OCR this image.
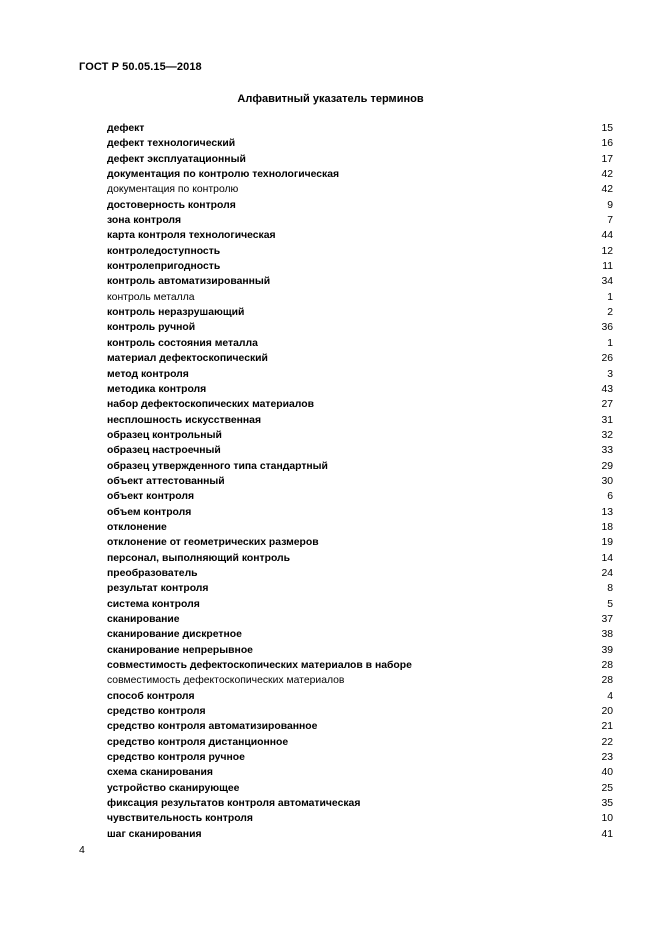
ГОСТ Р 50.05.15—2018
Алфавитный указатель терминов
дефект	15
дефект технологический	16
дефект эксплуатационный	17
документация по контролю технологическая	42
документация по контролю	42
достоверность контроля	9
зона контроля	7
карта контроля технологическая	44
контроледоступность	12
контролепригодность	11
контроль автоматизированный	34
контроль металла	1
контроль неразрушающий	2
контроль ручной	36
контроль состояния металла	1
материал дефектоскопический	26
метод контроля	3
методика контроля	43
набор дефектоскопических материалов	27
несплошность искусственная	31
образец контрольный	32
образец настроечный	33
образец утвержденного типа стандартный	29
объект аттестованный	30
объект контроля	6
объем контроля	13
отклонение	18
отклонение от геометрических размеров	19
персонал, выполняющий контроль	14
преобразователь	24
результат контроля	8
система контроля	5
сканирование	37
сканирование дискретное	38
сканирование непрерывное	39
совместимость дефектоскопических материалов в наборе	28
совместимость дефектоскопических материалов	28
способ контроля	4
средство контроля	20
средство контроля автоматизированное	21
средство контроля дистанционное	22
средство контроля ручное	23
схема сканирования	40
устройство сканирующее	25
фиксация результатов контроля автоматическая	35
чувствительность контроля	10
шаг сканирования	41
4
